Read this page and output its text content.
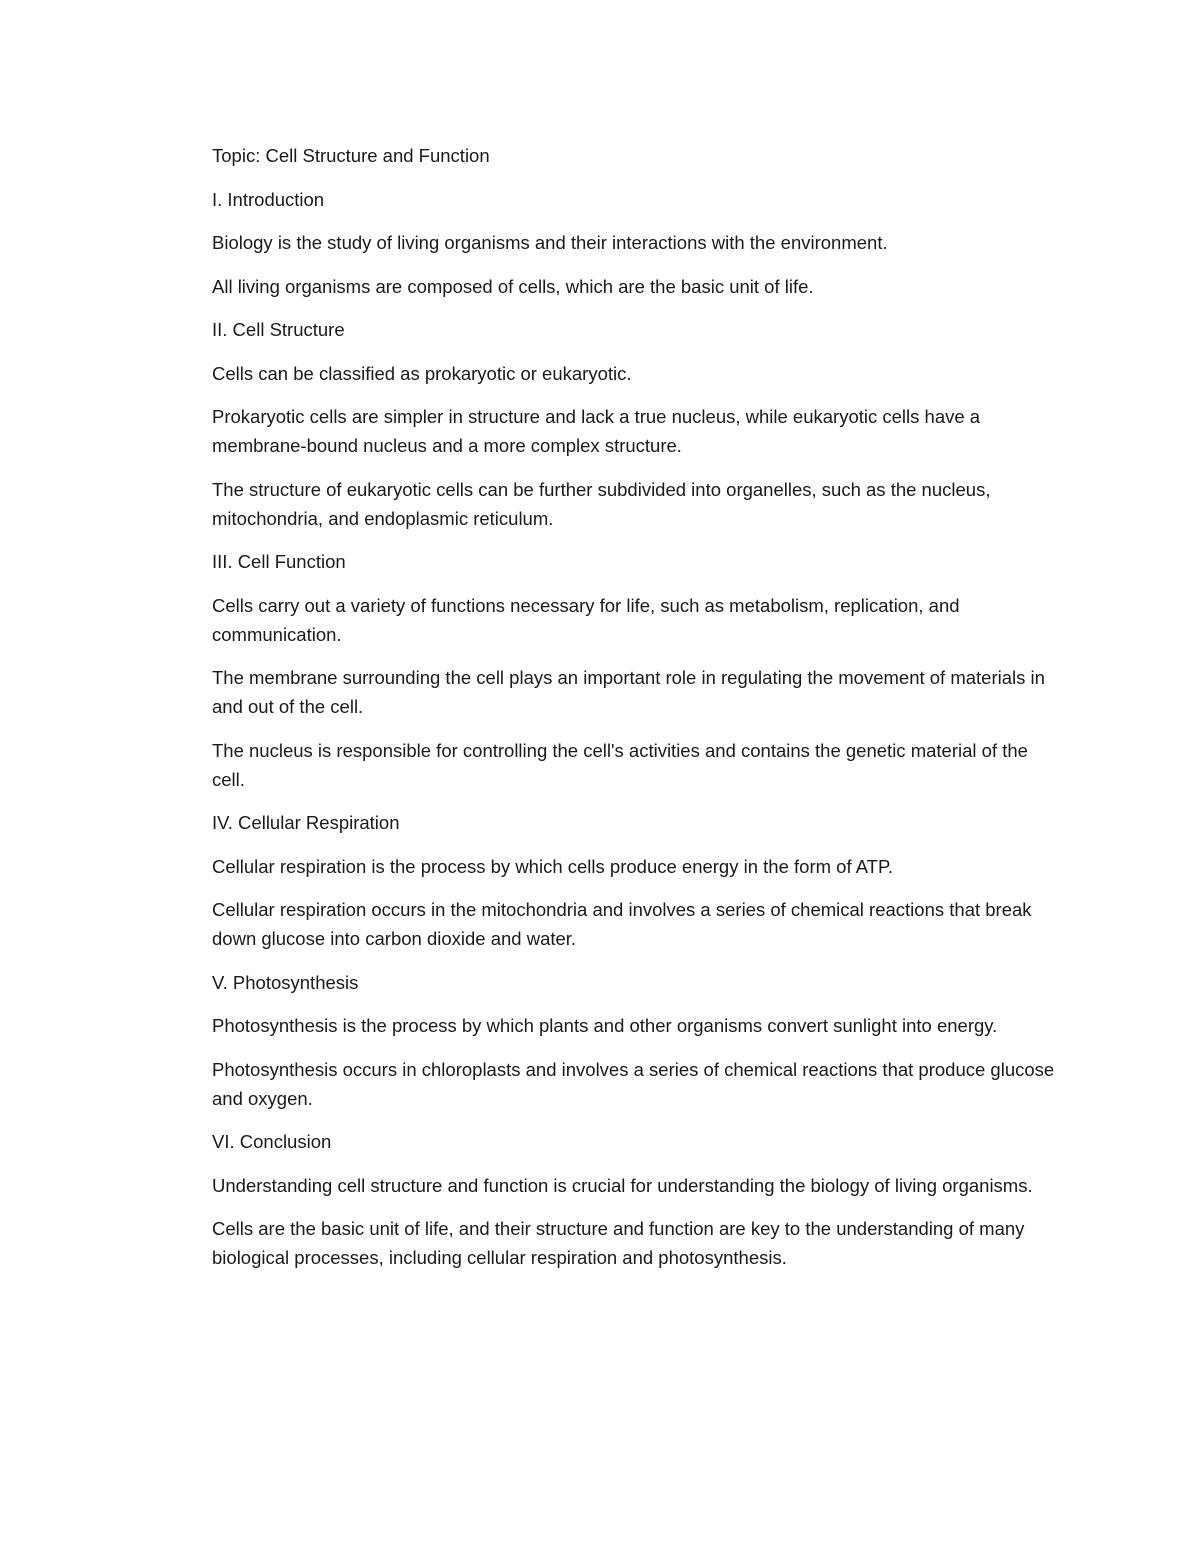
Topic: Cell Structure and Function

I. Introduction

Biology is the study of living organisms and their interactions with the environment.

All living organisms are composed of cells, which are the basic unit of life.

II. Cell Structure

Cells can be classified as prokaryotic or eukaryotic.

Prokaryotic cells are simpler in structure and lack a true nucleus, while eukaryotic cells have a membrane-bound nucleus and a more complex structure.

The structure of eukaryotic cells can be further subdivided into organelles, such as the nucleus, mitochondria, and endoplasmic reticulum.

III. Cell Function

Cells carry out a variety of functions necessary for life, such as metabolism, replication, and communication.

The membrane surrounding the cell plays an important role in regulating the movement of materials in and out of the cell.

The nucleus is responsible for controlling the cell's activities and contains the genetic material of the cell.

IV. Cellular Respiration

Cellular respiration is the process by which cells produce energy in the form of ATP.

Cellular respiration occurs in the mitochondria and involves a series of chemical reactions that break down glucose into carbon dioxide and water.

V. Photosynthesis

Photosynthesis is the process by which plants and other organisms convert sunlight into energy.

Photosynthesis occurs in chloroplasts and involves a series of chemical reactions that produce glucose and oxygen.

VI. Conclusion

Understanding cell structure and function is crucial for understanding the biology of living organisms.

Cells are the basic unit of life, and their structure and function are key to the understanding of many biological processes, including cellular respiration and photosynthesis.
